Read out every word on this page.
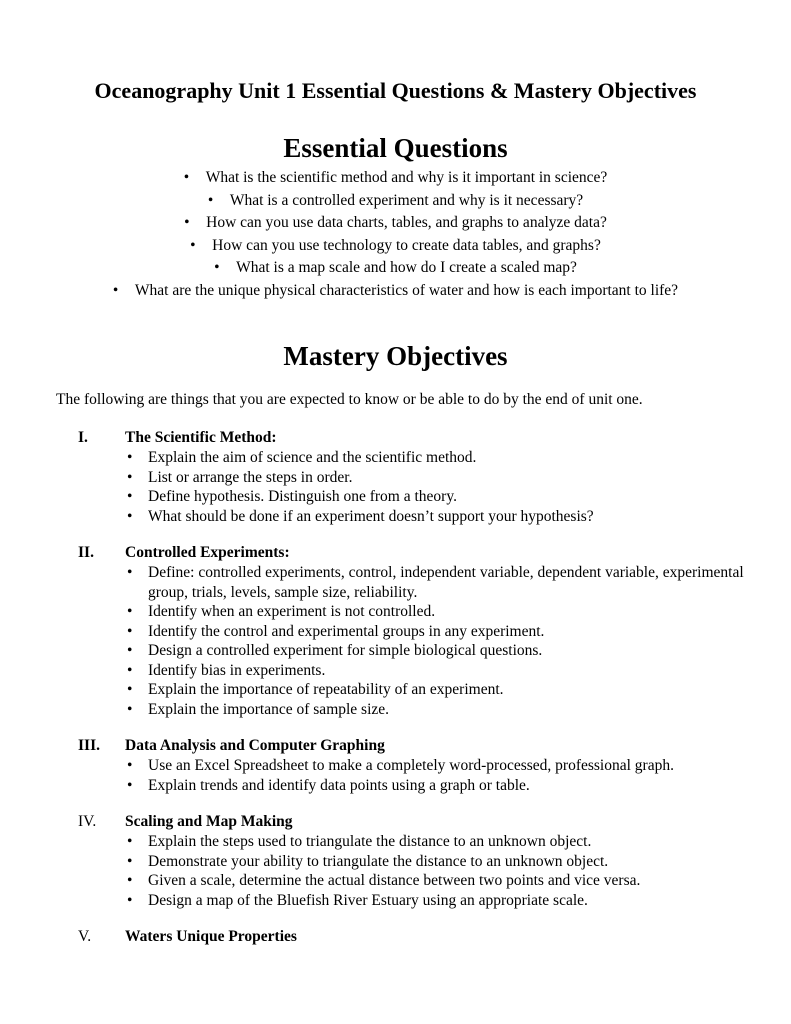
Oceanography Unit 1 Essential Questions & Mastery Objectives
Essential Questions
• What is the scientific method and why is it important in science?
• What is a controlled experiment and why is it necessary?
• How can you use data charts, tables, and graphs to analyze data?
• How can you use technology to create data tables, and graphs?
• What is a map scale and how do I create a scaled map?
• What are the unique physical characteristics of water and how is each important to life?
Mastery Objectives
The following are things that you are expected to know or be able to do by the end of unit one.
I. The Scientific Method:
• Explain the aim of science and the scientific method.
• List or arrange the steps in order.
• Define hypothesis. Distinguish one from a theory.
• What should be done if an experiment doesn’t support your hypothesis?
II. Controlled Experiments:
• Define: controlled experiments, control, independent variable, dependent variable, experimental group, trials, levels, sample size, reliability.
• Identify when an experiment is not controlled.
• Identify the control and experimental groups in any experiment.
• Design a controlled experiment for simple biological questions.
• Identify bias in experiments.
• Explain the importance of repeatability of an experiment.
• Explain the importance of sample size.
III. Data Analysis and Computer Graphing
• Use an Excel Spreadsheet to make a completely word-processed, professional graph.
• Explain trends and identify data points using a graph or table.
IV. Scaling and Map Making
• Explain the steps used to triangulate the distance to an unknown object.
• Demonstrate your ability to triangulate the distance to an unknown object.
• Given a scale, determine the actual distance between two points and vice versa.
• Design a map of the Bluefish River Estuary using an appropriate scale.
V. Waters Unique Properties
